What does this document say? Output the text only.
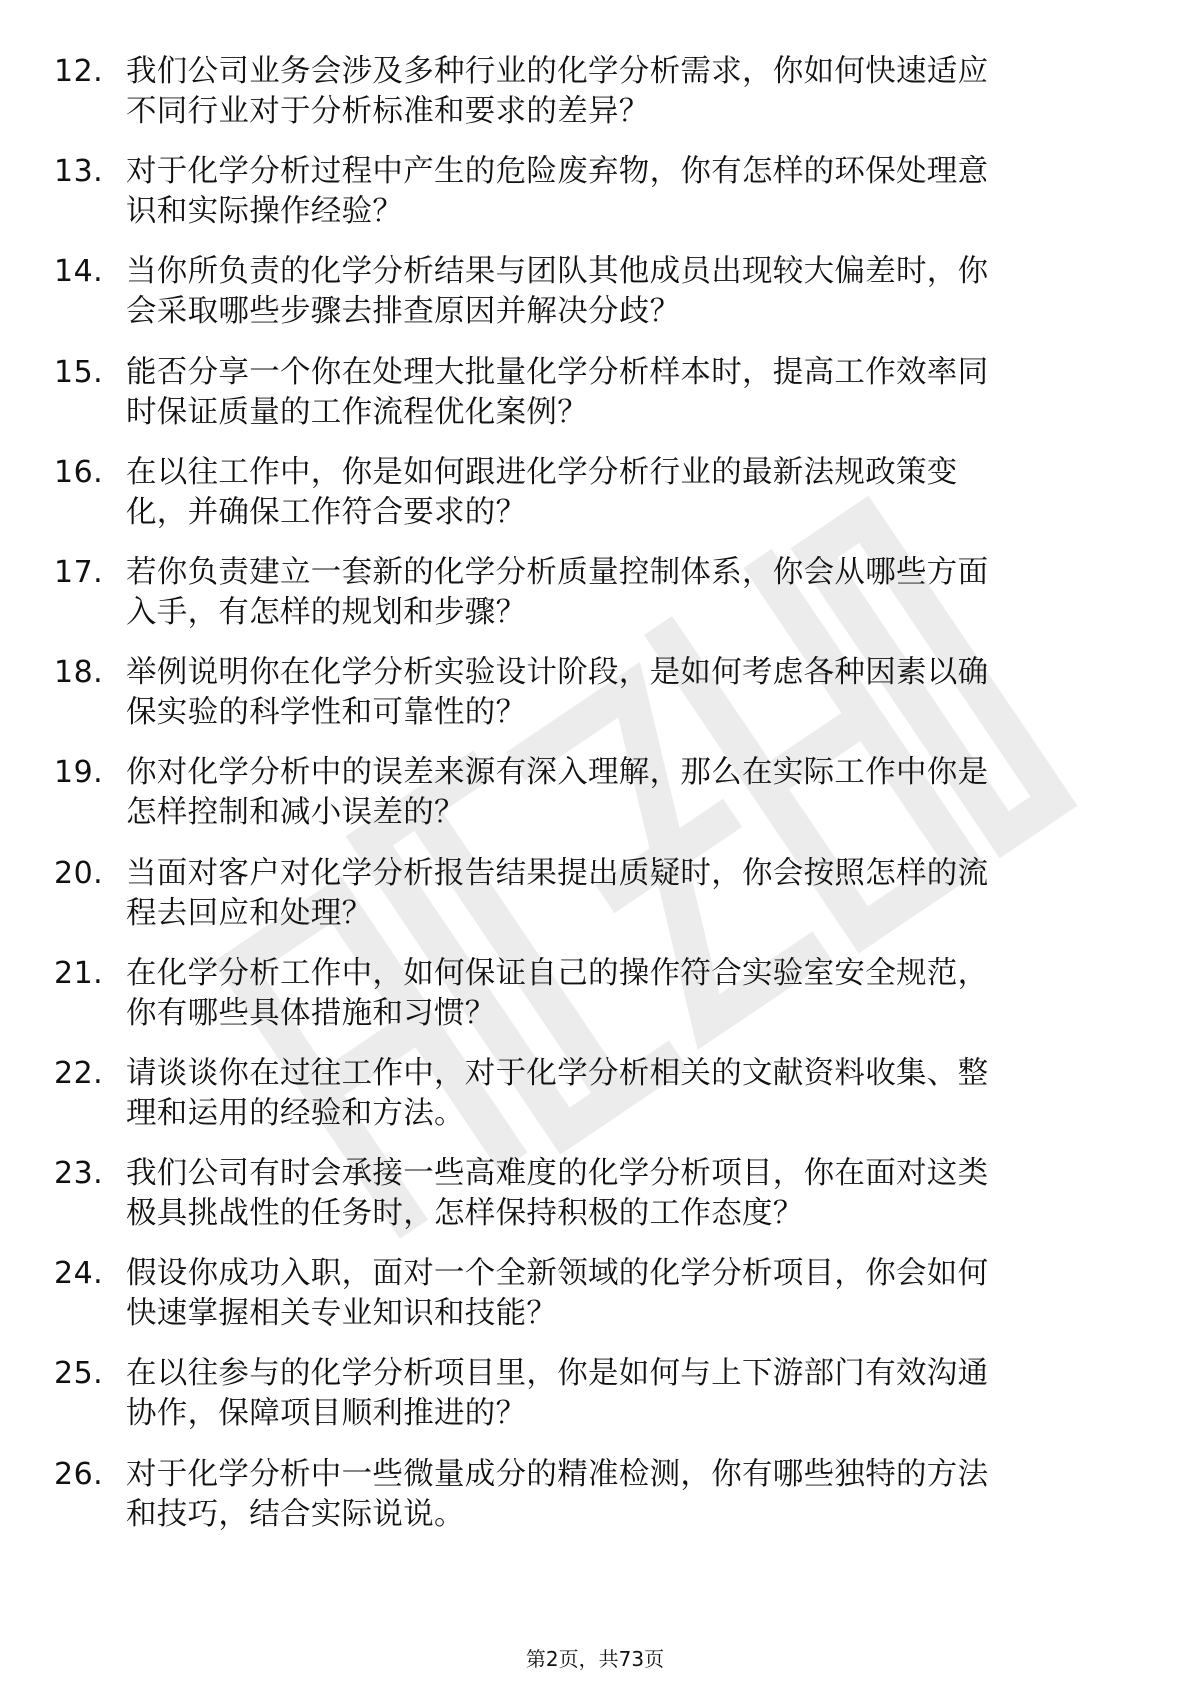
12. 我们公司业务会涉及多种行业的化学分析需求，你如何快速适应
不同行业对于分析标准和要求的差异？
13. 对于化学分析过程中产生的危险废弃物，你有怎样的环保处理意
识和实际操作经验？
14. 当你所负责的化学分析结果与团队其他成员出现较大偏差时，你
会采取哪些步骤去排查原因并解决分歧？
15. 能否分享一个你在处理大批量化学分析样本时，提高工作效率同
时保证质量的工作流程优化案例？
16. 在以往工作中，你是如何跟进化学分析行业的最新法规政策变
化，并确保工作符合要求的？
17. 若你负责建立一套新的化学分析质量控制体系，你会从哪些方面
入手，有怎样的规划和步骤？
18. 举例说明你在化学分析实验设计阶段，是如何考虑各种因素以确
保实验的科学性和可靠性的？
19. 你对化学分析中的误差来源有深入理解，那么在实际工作中你是
怎样控制和减小误差的？
20. 当面对客户对化学分析报告结果提出质疑时，你会按照怎样的流
程去回应和处理？
21. 在化学分析工作中，如何保证自己的操作符合实验室安全规范，
你有哪些具体措施和习惯？
22. 请谈谈你在过往工作中，对于化学分析相关的文献资料收集、整
理和运用的经验和方法。
23. 我们公司有时会承接一些高难度的化学分析项目，你在面对这类
极具挑战性的任务时，怎样保持积极的工作态度？
24. 假设你成功入职，面对一个全新领域的化学分析项目，你会如何
快速掌握相关专业知识和技能？
25. 在以往参与的化学分析项目里，你是如何与上下游部门有效沟通
协作，保障项目顺利推进的？
26. 对于化学分析中一些微量成分的精准检测，你有哪些独特的方法
和技巧，结合实际说说。
第2页，共73页
